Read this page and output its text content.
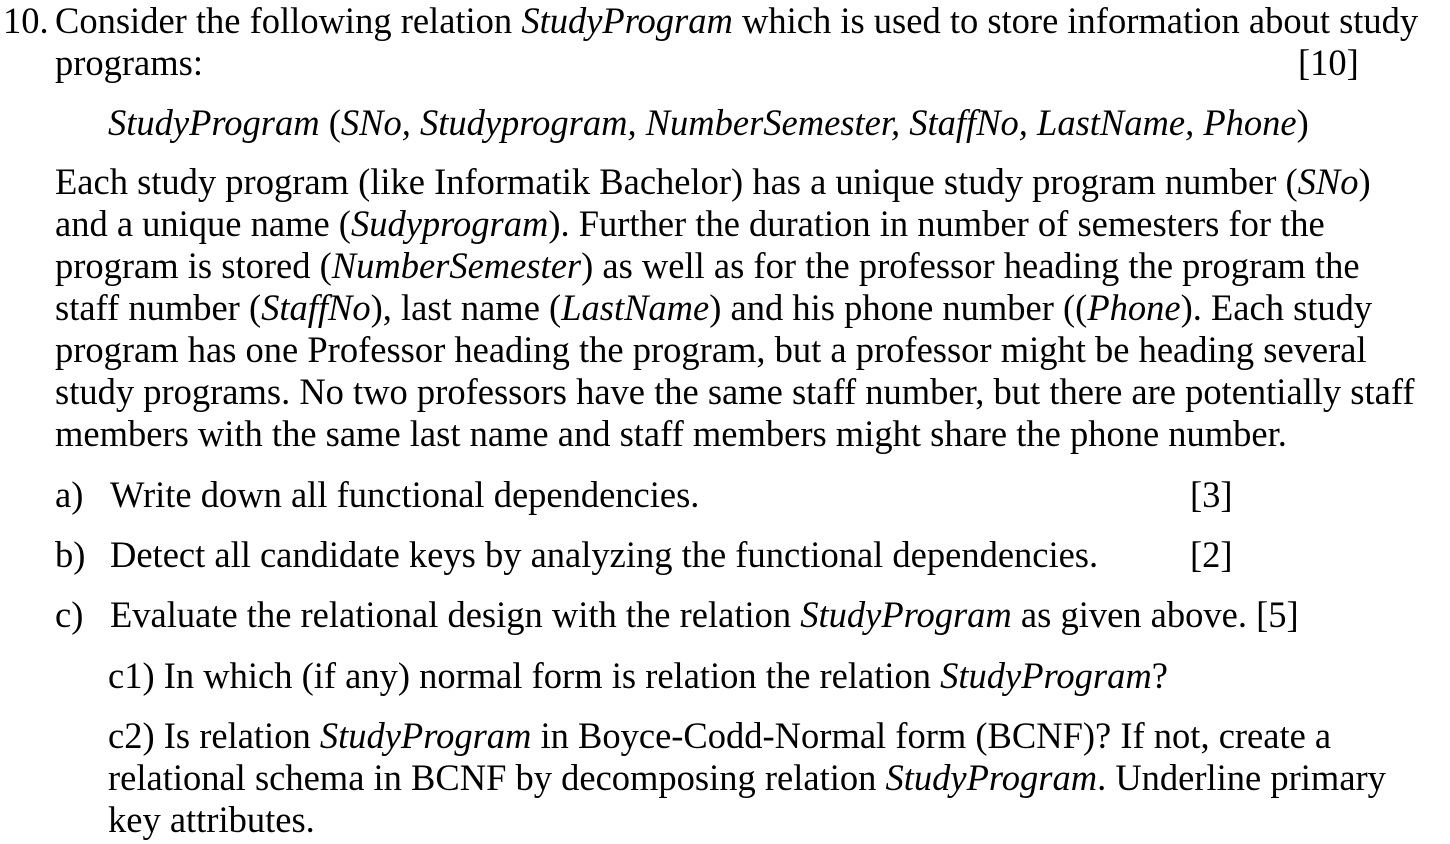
10. Consider the following relation StudyProgram which is used to store information about study
programs:	[10]
StudyProgram (SNo, Studyprogram, NumberSemester, StaffNo, LastName, Phone)
Each study program (like Informatik Bachelor) has a unique study program number (SNo)
and a unique name (Sudyprogram). Further the duration in number of semesters for the
program is stored (NumberSemester) as well as for the professor heading the program the
staff number (StaffNo), last name (LastName) and his phone number ((Phone). Each study
program has one Professor heading the program, but a professor might be heading several
study programs. No two professors have the same staff number, but there are potentially staff
members with the same last name and staff members might share the phone number.
a) Write down all functional dependencies.	[3]
b) Detect all candidate keys by analyzing the functional dependencies.	[2]
c) Evaluate the relational design with the relation StudyProgram as given above. [5]
c1) In which (if any) normal form is relation the relation StudyProgram?
c2) Is relation StudyProgram in Boyce-Codd-Normal form (BCNF)? If not, create a
relational schema in BCNF by decomposing relation StudyProgram. Underline primary
key attributes.
